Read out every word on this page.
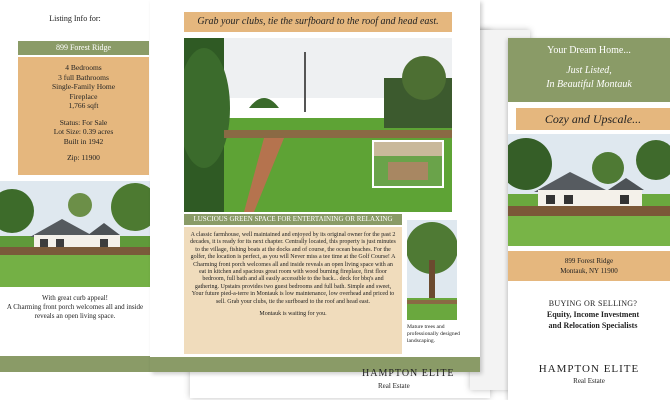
Listing Info for:
899 Forest Ridge
4 Bedrooms
3 full Bathrooms
Single-Family Home
Fireplace
1,766 sqft
Status: For Sale
Lot Size: 0.39 acres
Built in 1942
Zip: 11900
With great curb appeal!
A Charming front porch welcomes all and inside reveals an open living space.
Grab your clubs, tie the surfboard to the roof and head east.
LUSCIOUS GREEN SPACE FOR ENTERTAINING OR RELAXING
A classic farmhouse, well maintained and enjoyed by its original owner for the past 2 decades, it is ready for its next chapter. Centrally located, this property is just minutes to the village, fishing boats at the docks and of course, the ocean beaches. For the golfer, the location is perfect, as you will Never miss a tee time at the Golf Course! A Charming front porch welcomes all and inside reveals an open living space with an eat in kitchen and spacious great room with wood burning fireplace, first floor bedroom, full bath and all easily accessible to the back... deck for bbq's and gathering. Upstairs provides two guest bedrooms and full bath. Simple and sweet, Your future pied-a-terre in Montauk is low maintenance, low overhead and priced to sell. Grab your clubs, tie the surfboard to the roof and head east.
Montauk is waiting for you.
Mature trees and professionally designed landscaping.
HAMPTON ELITE
Real Estate
Your Dream Home...
Just Listed,
In Beautiful Montauk
Cozy and Upscale...
899 Forest Ridge
Montauk, NY 11900
BUYING OR SELLING?
Equity, Income Investment
and Relocation Specialists
HAMPTON ELITE
Real Estate
